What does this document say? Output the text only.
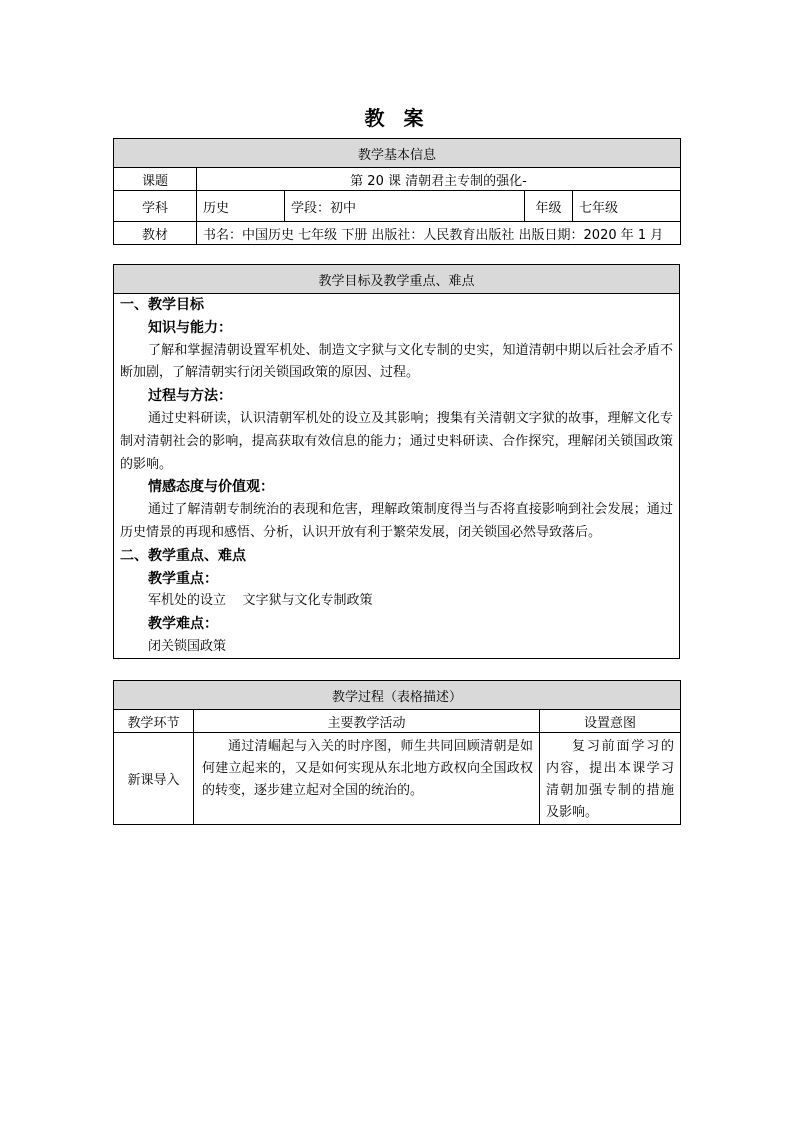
教 案
教学基本信息				
课题	第 20 课 清朝君主专制的强化-			
学科	历史	学段：初中	年级	七年级
教材	书名：中国历史 七年级 下册 出版社：人民教育出版社 出版日期：2020 年 1 月			
教学目标及教学重点、难点
一、教学目标
知识与能力：
了解和掌握清朝设置军机处、制造文字狱与文化专制的史实，知道清朝中期以后社会矛盾不断加剧，了解清朝实行闭关锁国政策的原因、过程。
过程与方法：
通过史料研读，认识清朝军机处的设立及其影响；搜集有关清朝文字狱的故事，理解文化专制对清朝社会的影响，提高获取有效信息的能力；通过史料研读、合作探究，理解闭关锁国政策的影响。
情感态度与价值观：
通过了解清朝专制统治的表现和危害，理解政策制度得当与否将直接影响到社会发展；通过历史情景的再现和感悟、分析，认识开放有利于繁荣发展，闭关锁国必然导致落后。
二、教学重点、难点
教学重点：
军机处的设立    文字狱与文化专制政策
教学难点：
闭关锁国政策
教学过程（表格描述）		
教学环节	主要教学活动	设置意图
新课导入	通过清崛起与入关的时序图，师生共同回顾清朝是如何建立起来的，又是如何实现从东北地方政权向全国政权的转变，逐步建立起对全国的统治的。	复习前面学习的内容，提出本课学习清朝加强专制的措施及影响。
